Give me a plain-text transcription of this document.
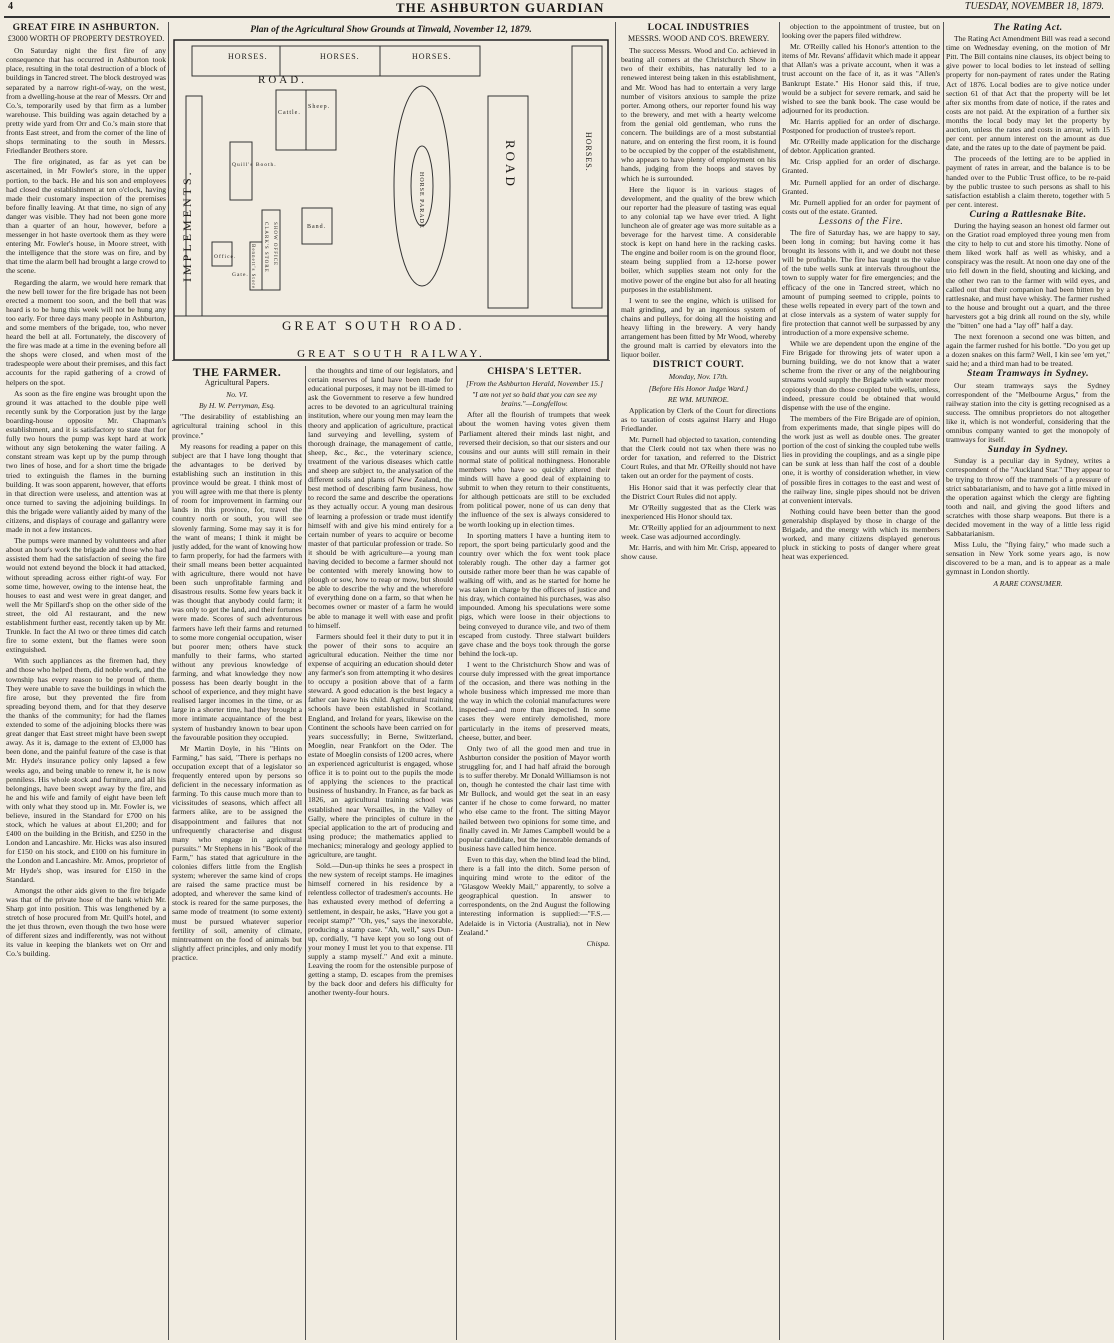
4	THE ASHBURTON GUARDIAN	TUESDAY, NOVEMBER 18, 1879.
GREAT FIRE IN ASHBURTON.
£3000 WORTH OF PROPERTY DESTROYED.

On Saturday night the first fire of any consequence that has occurred in Ashburton took place, resulting in the total destruction of a block of buildings in Tancred street. The block destroyed was separated by a narrow right-of-way, on the west, from a dwelling-house at the rear of Messrs. Orr and Co.'s, temporarily used by that firm as a lumber warehouse. This building was again detached by a pretty wide yard from Orr and Co.'s main store that fronts East street, and from the corner of the line of shops terminating to the south in Messrs. Friedlander Brothers store.

The fire originated, as far as yet can be ascertained, in Mr Fowler's store, in the upper portion, to the back. He and his son and employees had closed the establishment at ten o'clock, having made their customary inspection of the premises before finally leaving. At that time, no sign of any danger was visible. They had not been gone more than a quarter of an hour, however, before a messenger in hot haste overtook them as they were entering Mr. Fowler's house, in Moore street, with the intelligence that the store was on fire, and by that time the alarm bell had brought a large crowd to the scene.

Regarding the alarm, we would here remark that the new bell tower for the fire brigade has not been erected a moment too soon, and the bell that was heard is to be hung this week will not be hung any too early. For three days many people in Ashburton, and some members of the brigade, too, who never heard the bell at all. Fortunately, the discovery of the fire was made at a time in the evening before all the shops were closed, and when most of the tradespeople were about their premises, and this fact accounts for the rapid gathering of a crowd of helpers on the spot.

As soon as the fire engine was brought upon the ground it was attached to the double pipe well recently sunk by the Corporation just by the large boarding-house opposite Mr. Chapman's establishment, and it is satisfactory to state that for fully two hours the pump was kept hard at work without any sign betokening the water failing. A constant stream was kept up by the pump through two lines of hose, and for a short time the brigade tried to extinguish the flames in the burning building. It was soon apparent, however, that efforts in that direction were useless, and attention was at once turned to saving the adjoining buildings. In this the brigade were valiantly aided by many of the citizens, and displays of courage and gallantry were made in not a few instances.

The pumps were manned by volunteers and after about an hour's work the brigade and those who had assisted them had the satisfaction of seeing the fire would not extend beyond the block it had attacked, without spreading across either right-of way. For some time, however, owing to the intense heat, the houses to east and west were in great danger, and well the Mr Spillard's shop on the other side of the street, the old Al restaurant, and the new establishment further east, recently taken up by Mr. Trunkle. In fact the Al two or three times did catch fire to some extent, but the flames were soon extinguished.

With such appliances as the firemen had, they and those who helped them, did noble work, and the township has every reason to be proud of them. They were unable to save the buildings in which the fire arose, but they prevented the fire from spreading beyond them, and for that they deserve the thanks of the community; for had the flames extended to some of the adjoining blocks there was great danger that East street might have been swept away. As it is, damage to the extent of £3,000 has been done, and the painful feature of the case is that Mr. Hyde's insurance policy only lapsed a few weeks ago, and being unable to renew it, he is now penniless. His whole stock and furniture, and all his belongings, have been swept away by the fire, and he and his wife and family of eight have been left with only what they stood up in. Mr. Fowler is, we believe, insured in the Standard for £700 on his stock, which he values at about £1,200; and for £400 on the building in the British, and £250 in the London and Lancashire. Mr. Hicks was also insured for £150 on his stock, and £100 on his furniture in the London and Lancashire. Mr. Amos, proprietor of Mr Hyde's shop, was insured for £150 in the Standard.

Amongst the other aids given to the fire brigade was that of the private hose of the bank which Mr. Sharp got into position. This was lengthened by a stretch of hose procured from Mr. Quill's hotel, and the jet thus thrown, even though the two hose were of different sizes and indifferently, was not without its value in keeping the blankets wet on Orr and Co.'s building.

Plan of the Agricultural Show Grounds at Tinwald, November 12, 1879.
HORSES.	HORSES.	HORSES.
ROAD.
IMPLEMENTS.
ROAD	HORSES.
Cattle.
Sheep.
Band.
Quill's Booth.
Office.
Gate. Bennett's Store. CLARK'S STORE SHOW OFFICE
HORSE PARADE
GREAT SOUTH ROAD.
GREAT SOUTH RAILWAY.
THE FARMER.
Agricultural Papers.
No. VI.
By H. W. Perryman, Esq.

"The desirability of establishing an agricultural training school in this province."

My reasons for reading a paper on this subject are that I have long thought that the advantages to be derived by establishing such an institution in this province would be great. I think most of you will agree with me that there is plenty of room for improvement in farming our lands in this province, for, travel the country north or south, you will see slovenly farming. Some may say it is for the want of means; I think it might be justly added, for the want of knowing how to farm properly, for had the farmers with their small means been better acquainted with agriculture, there would not have been such unprofitable farming and disastrous results. Some few years back it was thought that anybody could farm; it was only to get the land, and their fortunes were made. Scores of such adventurous farmers have left their farms and returned to some more congenial occupation, wiser but poorer men; others have stuck manfully to their farms, who started without any previous knowledge of farming, and what knowledge they now possess has been dearly bought in the school of experience, and they might have realised larger incomes in the time, or as large in a shorter time, had they brought a more intimate acquaintance of the best system of husbandry known to bear upon the favourable position they occupied.

Mr Martin Doyle, in his "Hints on Farming," has said, "There is perhaps no occupation except that of a legislator so frequently entered upon by persons so deficient in the necessary information as farming. To this cause much more than to vicissitudes of seasons, which affect all farmers alike, are to be assigned the disappointment and failures that not unfrequently characterise and disgust many who engage in agricultural pursuits." Mr Stephens in his "Book of the Farm," has stated that agriculture in the colonies differs little from the English system; wherever the same kind of crops are raised the same practice must be adopted, and wherever the same kind of stock is reared for the same purposes, the same mode of treatment (to some extent) must be pursued whatever superior fertility of soil, amenity of climate, mintreatment on the food of animals but slightly affect principles, and only modify practice.

the thoughts and time of our legislators, and certain reserves of land have been made for educational purposes, it may not be ill-timed to ask the Government to reserve a few hundred acres to be devoted to an agricultural training institution, where our young men may learn the theory and application of agriculture, practical land surveying and levelling, system of thorough drainage, the management of cattle, sheep, &c., &c., the veterinary science, treatment of the various diseases which cattle and sheep are subject to, the analysation of the different soils and plants of New Zealand, the best method of describing farm business, how to record the same and describe the operations as they actually occur. A young man desirous of learning a profession or trade must identify himself with and give his mind entirely for a certain number of years to acquire or become master of that particular profession or trade. So it should be with agriculture—a young man having decided to become a farmer should not be contented with merely knowing how to plough or sow, how to reap or mow, but should be able to describe the why and the wherefore of everything done on a farm, so that when he becomes owner or master of a farm he would be able to manage it well with ease and profit to himself.

Farmers should feel it their duty to put it in the power of their sons to acquire an agricultural education. Neither the time nor expense of acquiring an education should deter any farmer's son from attempting it who desires to occupy a position above that of a farm steward. A good education is the best legacy a father can leave his child. Agricultural training schools have been established in Scotland, England, and Ireland for years, likewise on the Continent the schools have been carried on for years successfully; in Berne, Switzerland, Moeglin, near Frankfort on the Oder. The estate of Moeglin consists of 1200 acres, where an experienced agriculturist is engaged, whose office it is to point out to the pupils the mode of applying the sciences to the practical business of husbandry. In France, as far back as 1826, an agricultural training school was established near Versailles, in the Valley of Gally, where the principles of culture in the special application to the art of producing and using produce; the mathematics applied to mechanics; mineralogy and geology applied to agriculture, are taught.

Sold.—Dun-up thinks he sees a prospect in the new system of receipt stamps. He imagines himself cornered in his residence by a relentless collector of tradesmen's accounts. He has exhausted every method of deferring a settlement, in despair, he asks, "Have you got a receipt stamp?" "Oh, yes," says the inexorable, producing a stamp case. "Ah, well," says Dun-up, cordially, "I have kept you so long out of your money I must let you to that expense. I'll supply a stamp myself." And exit a minute. Leaving the room for the ostensible purpose of getting a stamp, D. escapes from the premises by the back door and defers his difficulty for another twenty-four hours.

CHISPA'S LETTER.
[From the Ashburton Herald, November 15.]
"I am not yet so bald that you can see my brains."—Longfellow.

After all the flourish of trumpets that week about the women having votes given them Parliament altered their minds last night, and reversed their decision, so that our sisters and our cousins and our aunts will still remain in their normal state of political nothingness. Honorable members who have so quickly altered their minds will have a good deal of explaining to submit to when they return to their constituents, for although petticoats are still to be excluded from political power, none of us can deny that the influence of the sex is always considered to be worth looking up in election times.

In sporting matters I have a hunting item to report, the sport being particularly good and the country over which the fox went took place tolerably rough. The other day a farmer got outside rather more beer than he was capable of walking off with, and as he started for home he was taken in charge by the officers of justice and his dray, which contained his purchases, was also impounded. Among his speculations were some pigs, which were loose in their objections to being conveyed to durance vile, and two of them escaped from custody. Three stalwart builders gave chase and the boys took through the gorse behind the lock-up.

I went to the Christchurch Show and was of course duly impressed with the great importance of the occasion, and there was nothing in the whole business which impressed me more than the way in which the colonial manufactures were inspected—and more than inspected. In some cases they were entirely demolished, more particularly in the items of preserved meats, cheese, butter, and beer.

Only two of all the good men and true in Ashburton consider the position of Mayor worth struggling for, and I had half afraid the borough is to suffer thereby. Mr Donald Williamson is not on, though he contested the chair last time with Mr Bullock, and would get the seat in an easy canter if he chose to come forward, no matter who else came to the front. The sitting Mayor hailed between two opinions for some time, and finally caved in. Mr James Campbell would be a popular candidate, but the inexorable demands of business have called him hence.

Even to this day, when the blind lead the blind, there is a fall into the ditch. Some person of inquiring mind wrote to the editor of the "Glasgow Weekly Mail," apparently, to solve a geographical question. In answer to correspondents, on the 2nd August the following interesting information is supplied:—"F.S.—Adelaide is in Victoria (Australia), not in New Zealand."

Chispa.
LOCAL INDUSTRIES
MESSRS. WOOD AND CO'S. BREWERY.

The success Messrs. Wood and Co. achieved in beating all comers at the Christchurch Show in two of their exhibits, has naturally led to a renewed interest being taken in this establishment, and Mr. Wood has had to entertain a very large number of visitors anxious to sample the prize porter. Among others, our reporter found his way to the brewery, and met with a hearty welcome from the genial old gentleman, who runs the concern. The buildings are of a most substantial nature, and on entering the first room, it is found to be occupied by the copper of the establishment, who appears to have plenty of employment on his hands, judging from the hoops and staves by which he is surrounded.

Here the liquor is in various stages of development, and the quality of the brew which our reporter had the pleasure of tasting was equal to any colonial tap we have ever tried. A light luncheon ale of greater age was more suitable as a beverage for the harvest time. A considerable stock is kept on hand here in the racking casks. The engine and boiler room is on the ground floor, steam being supplied from a 12-horse power boiler, which supplies steam not only for the motive power of the engine but also for all heating purposes in the establishment.

I went to see the engine, which is utilised for malt grinding, and by an ingenious system of chains and pulleys, for doing all the hoisting and heavy lifting in the brewery. A very handy arrangement has been fitted by Mr Wood, whereby the ground malt is carried by elevators into the liquor boiler.

DISTRICT COURT.
Monday, Nov. 17th.
[Before His Honor Judge Ward.]
RE WM. MUNROE.

Application by Clerk of the Court for directions as to taxation of costs against Harry and Hugo Friedlander.

Mr. Purnell had objected to taxation, contending that the Clerk could not tax when there was no order for taxation, and referred to the District Court Rules, and that Mr. O'Reilly should not have taken out an order for the payment of costs.

His Honor said that it was perfectly clear that the District Court Rules did not apply.

Mr O'Reilly suggested that as the Clerk was inexperienced His Honor should tax.

Mr. O'Reilly applied for an adjournment to next week. Case was adjourned accordingly.

Mr. Harris, and with him Mr. Crisp, appeared to show cause.

objection to the appointment of trustee, but on looking over the papers filed withdrew.

Mr. O'Reilly called his Honor's attention to the items of Mr. Revans' affidavit which made it appear that Allan's was a private account, when it was a trust account on the face of it, as it was "Allen's Bankrupt Estate." His Honor said this, if true, would be a subject for severe remark, and said he wished to see the bank book. The case would be adjourned for its production.

Mr. Harris applied for an order of discharge. Postponed for production of trustee's report.

Mr. O'Reilly made application for the discharge of debtor. Application granted.

Mr. Crisp applied for an order of discharge. Granted.

Mr. Purnell applied for an order of discharge. Granted.

Mr. Purnell applied for an order for payment of costs out of the estate. Granted.

Lessons of the Fire.

The fire of Saturday has, we are happy to say, been long in coming; but having come it has brought its lessons with it, and we doubt not these will be profitable. The fire has taught us the value of the tube wells sunk at intervals throughout the town to supply water for fire emergencies; and the efficacy of the one in Tancred street, which no amount of pumping seemed to cripple, points to these wells repeated in every part of the town and at close intervals as a system of water supply for fire protection that cannot well be surpassed by any introduction of a more expensive scheme.

While we are dependent upon the engine of the Fire Brigade for throwing jets of water upon a burning building, we do not know that a water scheme from the river or any of the neighbouring streams would supply the Brigade with water more copiously than do those coupled tube wells, unless, indeed, pressure could be obtained that would dispense with the use of the engine.

The members of the Fire Brigade are of opinion, from experiments made, that single pipes will do the work just as well as double ones. The greater portion of the cost of sinking the coupled tube wells lies in providing the couplings, and as a single pipe can be sunk at less than half the cost of a double one, it is worthy of consideration whether, in view of possible fires in cottages to the east and west of the railway line, single pipes should not be driven at convenient intervals.

Nothing could have been better than the good generalship displayed by those in charge of the Brigade, and the energy with which its members worked, and many citizens displayed generous pluck in sticking to posts of danger where great heat was experienced.

The Rating Act.

The Rating Act Amendment Bill was read a second time on Wednesday evening, on the motion of Mr Pitt. The Bill contains nine clauses, its object being to give power to local bodies to let instead of selling property for non-payment of rates under the Rating Act of 1876. Local bodies are to give notice under section 61 of that Act that the property will be let after six months from date of notice, if the rates and costs are not paid. At the expiration of a further six months the local body may let the property by auction, unless the rates and costs in arrear, with 15 per cent. per annum interest on the amount as due date, and the rates up to the date of payment be paid.

The proceeds of the letting are to be applied in payment of rates in arrear, and the balance is to be handed over to the Public Trust office, to be re-paid by the public trustee to such persons as shall to his satisfaction establish a claim thereto, together with 5 per cent. interest.

Curing a Rattlesnake Bite.

During the haying season an honest old farmer out on the Gratiot road employed three young men from the city to help to cut and store his timothy. None of them liked work half as well as whisky, and a conspiracy was the result. At noon one day one of the trio fell down in the field, shouting and kicking, and the other two ran to the farmer with wild eyes, and called out that their companion had been bitten by a rattlesnake, and must have whisky. The farmer rushed to the house and brought out a quart, and the three harvesters got a big drink all round on the sly, while the "bitten" one had a "lay off" half a day.

The next forenoon a second one was bitten, and again the farmer rushed for his bottle. "Do you get up a dozen snakes on this farm? Well, I kin see 'em yet," said he; and a third man had to be treated.

Steam Tramways in Sydney.

Our steam tramways says the Sydney correspondent of the "Melbourne Argus," from the railway station into the city is getting recognised as a success. The omnibus proprietors do not altogether like it, which is not wonderful, considering that the omnibus company wanted to get the monopoly of tramways for itself.

Sunday in Sydney.

Sunday is a peculiar day in Sydney, writes a correspondent of the "Auckland Star." They appear to be trying to throw off the trammels of a pressure of strict sabbatarianism, and to have got a little mixed in the operation against which the clergy are fighting tooth and nail, and giving the good lifters and scratches with those sharp weapons. But there is a decided movement in the way of a little less rigid Sabbatarianism.

Miss Lulu, the "flying fairy," who made such a sensation in New York some years ago, is now discovered to be a man, and is to appear as a male gymnast in London shortly.

A RARE CONSUMER.
